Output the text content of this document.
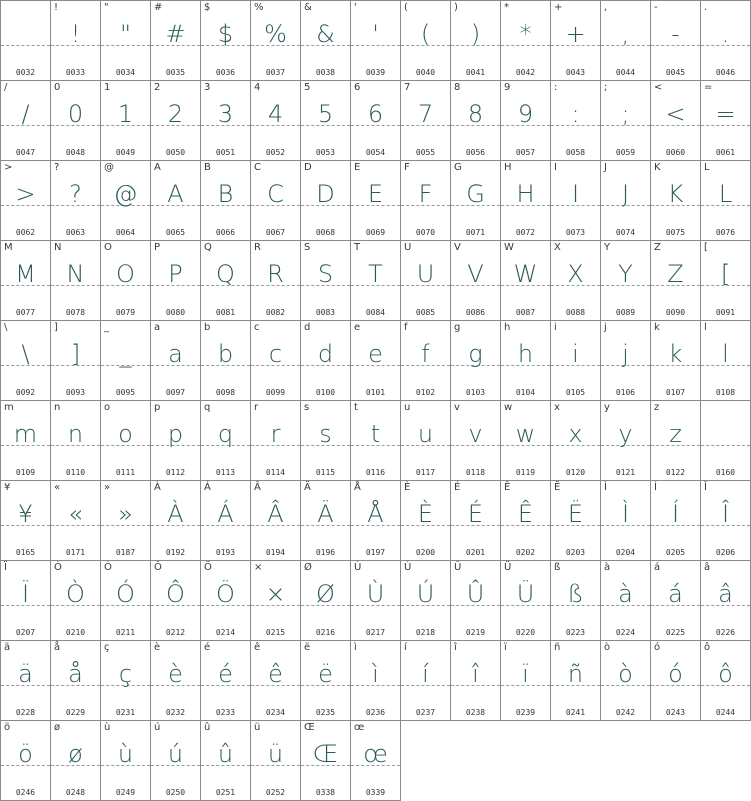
0032
!
!
0033
"
"
0034
#
#
0035
$
$
0036
%
%
0037
&
&
0038
'
'
0039
(
(
0040
)
)
0041
*
*
0042
+
+
0043
,
,
0044
-
-
0045
.
.
0046
/
/
0047
0
0
0048
1
1
0049
2
2
0050
3
3
0051
4
4
0052
5
5
0053
6
6
0054
7
7
0055
8
8
0056
9
9
0057
:
:
0058
;
;
0059
<
<
0060
=
=
0061
>
>
0062
?
?
0063
@
@
0064
A
A
0065
B
B
0066
C
C
0067
D
D
0068
E
E
0069
F
F
0070
G
G
0071
H
H
0072
I
I
0073
J
J
0074
K
K
0075
L
L
0076
M
M
0077
N
N
0078
O
O
0079
P
P
0080
Q
Q
0081
R
R
0082
S
S
0083
T
T
0084
U
U
0085
V
V
0086
W
W
0087
X
X
0088
Y
Y
0089
Z
Z
0090
[
[
0091
\
\
0092
]
]
0093
_
_
0095
a
a
0097
b
b
0098
c
c
0099
d
d
0100
e
e
0101
f
f
0102
g
g
0103
h
h
0104
i
i
0105
j
j
0106
k
k
0107
l
l
0108
m
m
0109
n
n
0110
o
o
0111
p
p
0112
q
q
0113
r
r
0114
s
s
0115
t
t
0116
u
u
0117
v
v
0118
w
w
0119
x
x
0120
y
y
0121
z
z
0122	0160
¥
¥
0165
«
«
0171
»
»
0187
À
À
0192
Á
Á
0193
Â
Â
0194
Ä
Ä
0196
Å
Å
0197
È
È
0200
É
É
0201
Ê
Ê
0202
Ë
Ë
0203
Ì
Ì
0204
Í
Í
0205
Î
Î
0206
Ï
Ï
0207
Ò
Ò
0210
Ó
Ó
0211
Ô
Ô
0212
Ö
Ö
0214
×
×
0215
Ø
Ø
0216
Ù
Ù
0217
Ú
Ú
0218
Û
Û
0219
Ü
Ü
0220
ß
ß
0223
à
à
0224
á
á
0225
â
â
0226
ä
ä
0228
å
å
0229
ç
ç
0231
è
è
0232
é
é
0233
ê
ê
0234
ë
ë
0235
ì
ì
0236
í
í
0237
î
î
0238
ï
ï
0239
ñ
ñ
0241
ò
ò
0242
ó
ó
0243
ô
ô
0244
ö
ö
0246
ø
ø
0248
ù
ù
0249
ú
ú
0250
û
û
0251
ü
ü
0252
Œ
Œ
0338
œ
œ
0339
